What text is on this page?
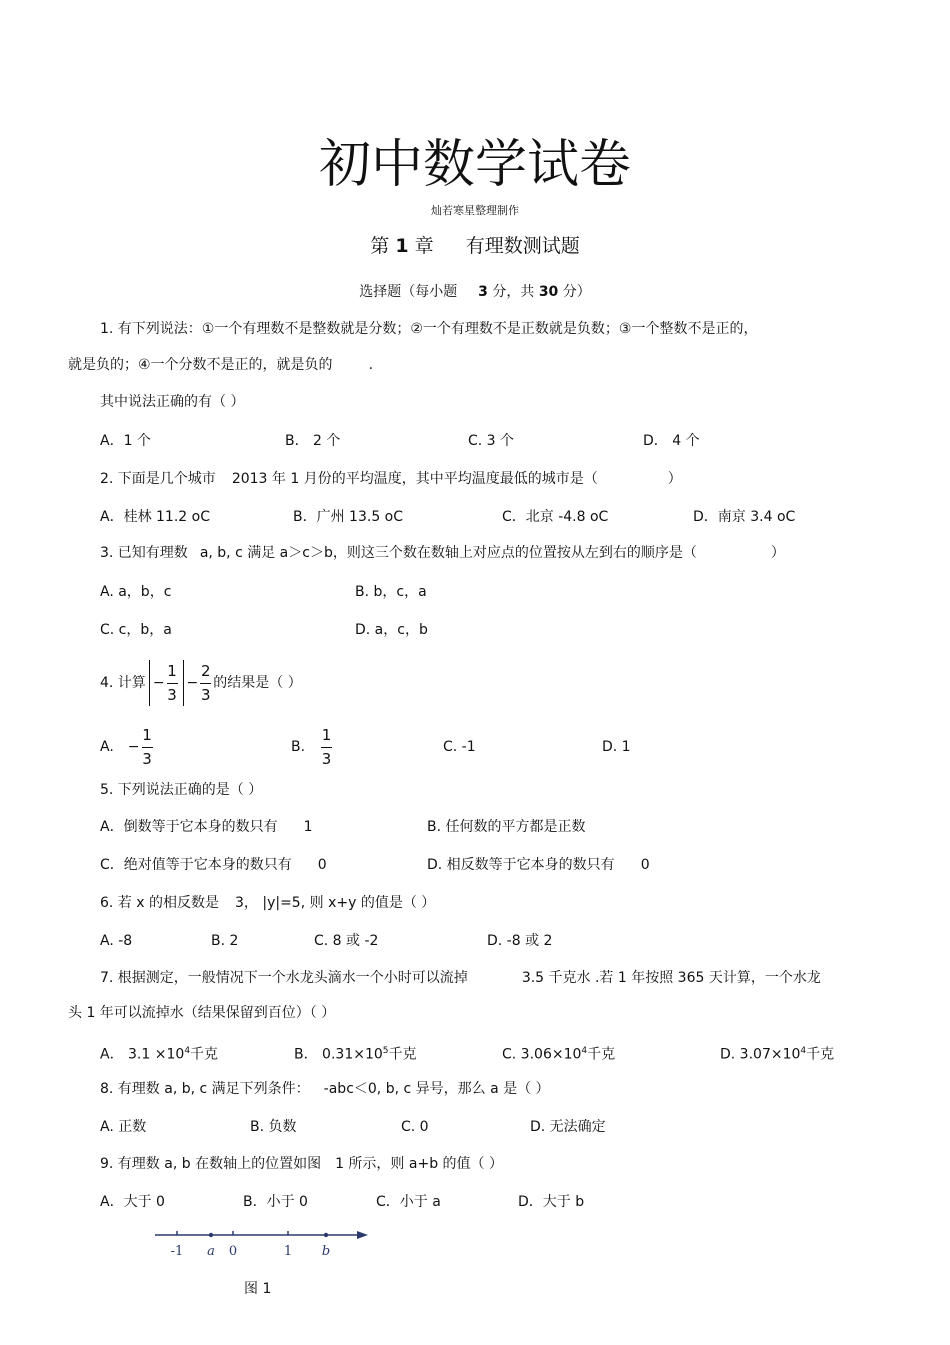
初中数学试卷
灿若寒星整理制作
第 1 章 有理数测试题
选择题（每小题 3 分，共 30 分）
1. 有下列说法：①一个有理数不是整数就是分数；②一个有理数不是正数就是负数；③一个整数不是正的，
就是负的；④一个分数不是正的，就是负的	.
其中说法正确的有（ ）
A．1 个	B． 2 个	C. 3 个	D． 4 个
2. 下面是几个城市 2013 年 1 月份的平均温度，其中平均温度最低的城市是（	）
A．桂林 11.2 oC	B．广州 13.5 oC	C．北京 -4.8 oC	D．南京 3.4 oC
3. 已知有理数 a, b, c 满足 a＞c＞b，则这三个数在数轴上对应点的位置按从左到右的顺序是（	）
A. a，b，c	B. b，c，a
C. c，b，a	D. a，c，b
4. 计算 − $\frac{1}{3} - \frac{2}{3}$ 的结果是（ ）
A. − $\frac{1}{3}$	B. $\frac{1}{3}$	C. -1	D. 1
5. 下列说法正确的是（ ）
A．倒数等于它本身的数只有 1	B. 任何数的平方都是正数
C．绝对值等于它本身的数只有 0	D. 相反数等于它本身的数只有 0
6. 若 x 的相反数是 3， |y|=5, 则 x+y 的值是（ ）
A. -8	B. 2	C. 8 或 -2	D. -8 或 2
7. 根据测定，一般情况下一个水龙头滴水一个小时可以流掉	3.5 千克水 .若 1 年按照 365 天计算，一个水龙
头 1 年可以流掉水（结果保留到百位）（ ）
A． $3.1 \times 10^4$千克	B． $0.31\times 10^5$千克	C. $3.06\times 10^4$千克	D. $3.07\times 10^4$千克
8. 有理数 a, b, c 满足下列条件： -abc＜0, b, c 异号，那么 a 是（ ）
A. 正数	B. 负数	C. 0	D. 无法确定
9. 有理数 a, b 在数轴上的位置如图 1 所示，则 a+b 的值（ ）
A．大于 0	B．小于 0	C．小于 a	D．大于 b
-1 a 0	1 b
图 1
